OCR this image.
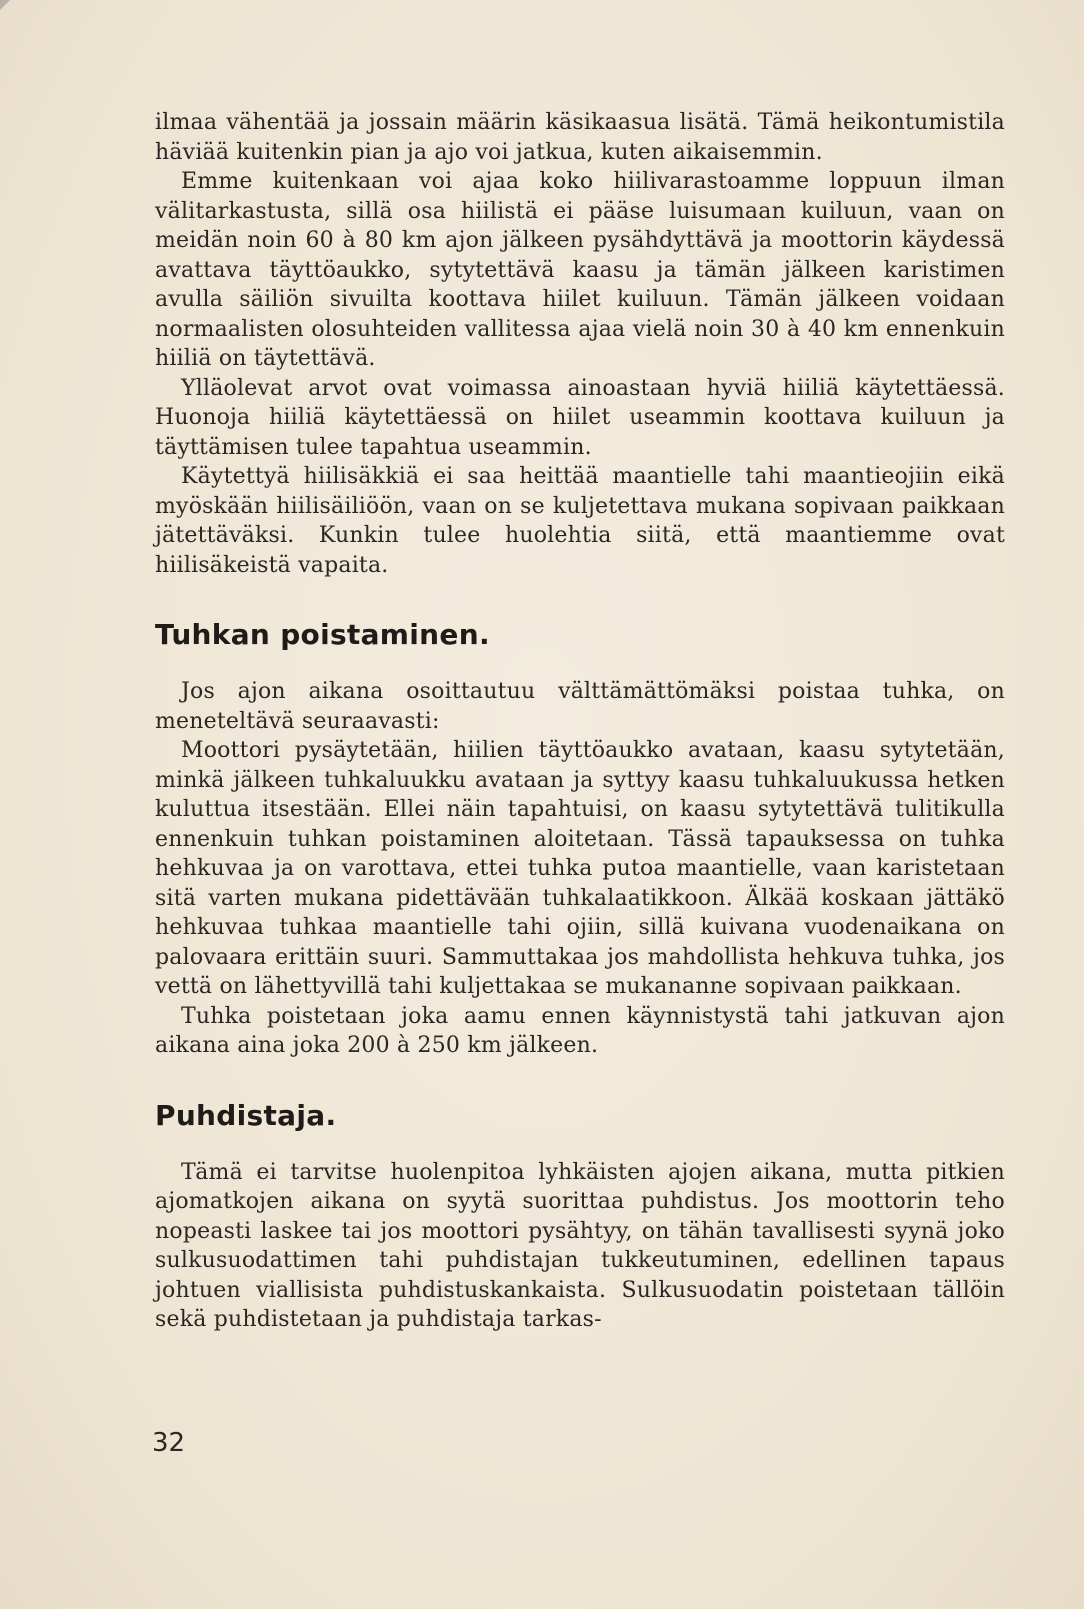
ilmaa vähentää ja jossain määrin käsikaasua lisätä. Tämä heikontumistila häviää kuitenkin pian ja ajo voi jatkua, kuten aikaisemmin.

Emme kuitenkaan voi ajaa koko hiilivarastoamme loppuun ilman välitarkastusta, sillä osa hiilistä ei pääse luisumaan kuiluun, vaan on meidän noin 60 à 80 km ajon jälkeen pysähdyttävä ja moottorin käydessä avattava täyttöaukko, sytytettävä kaasu ja tämän jälkeen karistimen avulla säiliön sivuilta koottava hiilet kuiluun. Tämän jälkeen voidaan normaalisten olosuhteiden vallitessa ajaa vielä noin 30 à 40 km ennenkuin hiiliä on täytettävä.

Ylläolevat arvot ovat voimassa ainoastaan hyviä hiiliä käytettäessä. Huonoja hiiliä käytettäessä on hiilet useammin koottava kuiluun ja täyttämisen tulee tapahtua useammin.

Käytettyä hiilisäkkiä ei saa heittää maantielle tahi maantieojiin eikä myöskään hiilisäiliöön, vaan on se kuljetettava mukana sopivaan paikkaan jätettäväksi. Kunkin tulee huolehtia siitä, että maantiemme ovat hiilisäkeistä vapaita.

Tuhkan poistaminen.

Jos ajon aikana osoittautuu välttämättömäksi poistaa tuhka, on meneteltävä seuraavasti:

Moottori pysäytetään, hiilien täyttöaukko avataan, kaasu sytytetään, minkä jälkeen tuhkaluukku avataan ja syttyy kaasu tuhkaluukussa hetken kuluttua itsestään. Ellei näin tapahtuisi, on kaasu sytytettävä tulitikulla ennenkuin tuhkan poistaminen aloitetaan. Tässä tapauksessa on tuhka hehkuvaa ja on varottava, ettei tuhka putoa maantielle, vaan karistetaan sitä varten mukana pidettävään tuhkalaatikkoon. Älkää koskaan jättäkö hehkuvaa tuhkaa maantielle tahi ojiin, sillä kuivana vuodenaikana on palovaara erittäin suuri. Sammuttakaa jos mahdollista hehkuva tuhka, jos vettä on lähettyvillä tahi kuljettakaa se mukananne sopivaan paikkaan.

Tuhka poistetaan joka aamu ennen käynnistystä tahi jatkuvan ajon aikana aina joka 200 à 250 km jälkeen.

Puhdistaja.

Tämä ei tarvitse huolenpitoa lyhkäisten ajojen aikana, mutta pitkien ajomatkojen aikana on syytä suorittaa puhdistus. Jos moottorin teho nopeasti laskee tai jos moottori pysähtyy, on tähän tavallisesti syynä joko sulkusuodattimen tahi puhdistajan tukkeutuminen, edellinen tapaus johtuen viallisista puhdistuskankaista. Sulkusuodatin poistetaan tällöin sekä puhdistetaan ja puhdistaja tarkas-

32
